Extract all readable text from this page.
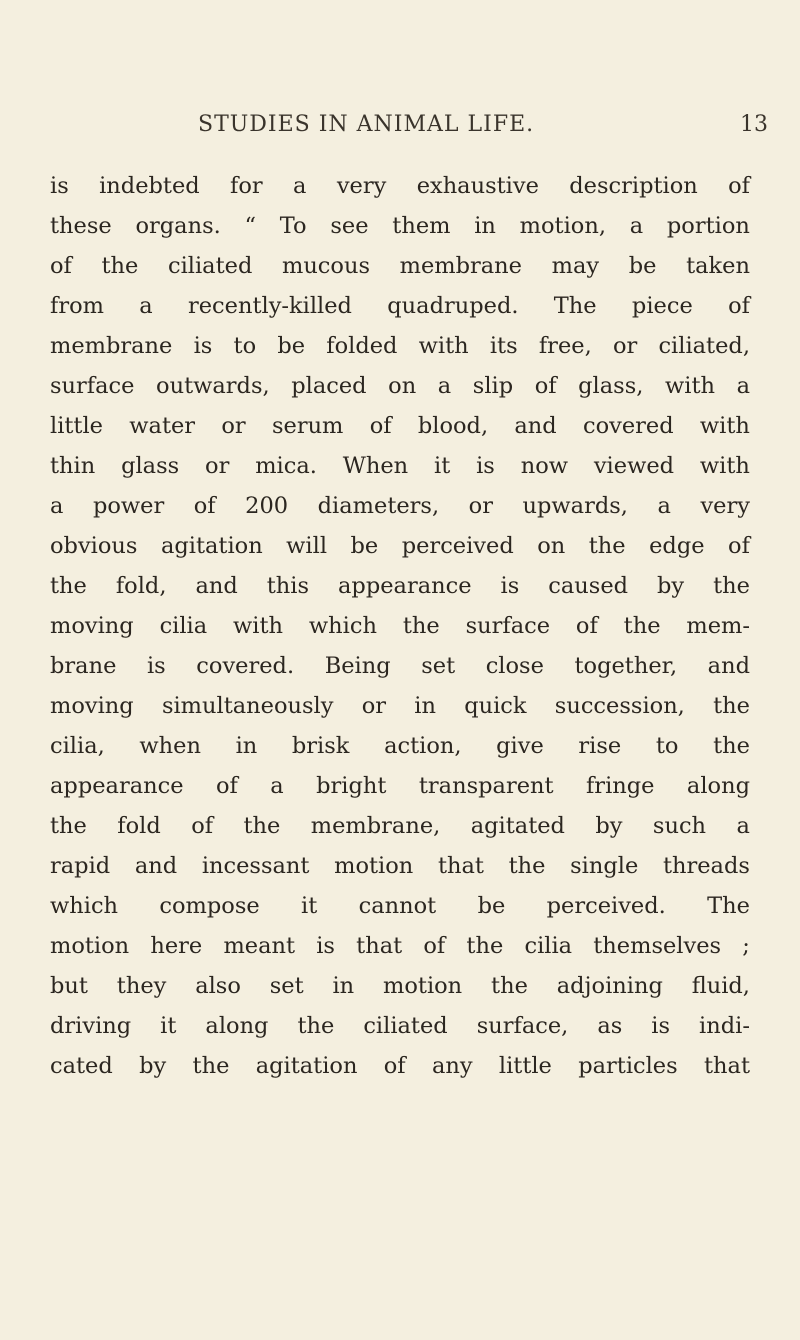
STUDIES IN ANIMAL LIFE.	13
is indebted for a very exhaustive description of
these organs. “ To see them in motion, a portion
of the ciliated mucous membrane may be taken
from a recently-killed quadruped. The piece of
membrane is to be folded with its free, or ciliated,
surface outwards, placed on a slip of glass, with a
little water or serum of blood, and covered with
thin glass or mica. When it is now viewed with
a power of 200 diameters, or upwards, a very
obvious agitation will be perceived on the edge of
the fold, and this appearance is caused by the
moving cilia with which the surface of the mem-
brane is covered. Being set close together, and
moving simultaneously or in quick succession, the
cilia, when in brisk action, give rise to the
appearance of a bright transparent fringe along
the fold of the membrane, agitated by such a
rapid and incessant motion that the single threads
which compose it cannot be perceived. The
motion here meant is that of the cilia themselves ;
but they also set in motion the adjoining fluid,
driving it along the ciliated surface, as is indi-
cated by the agitation of any little particles that
